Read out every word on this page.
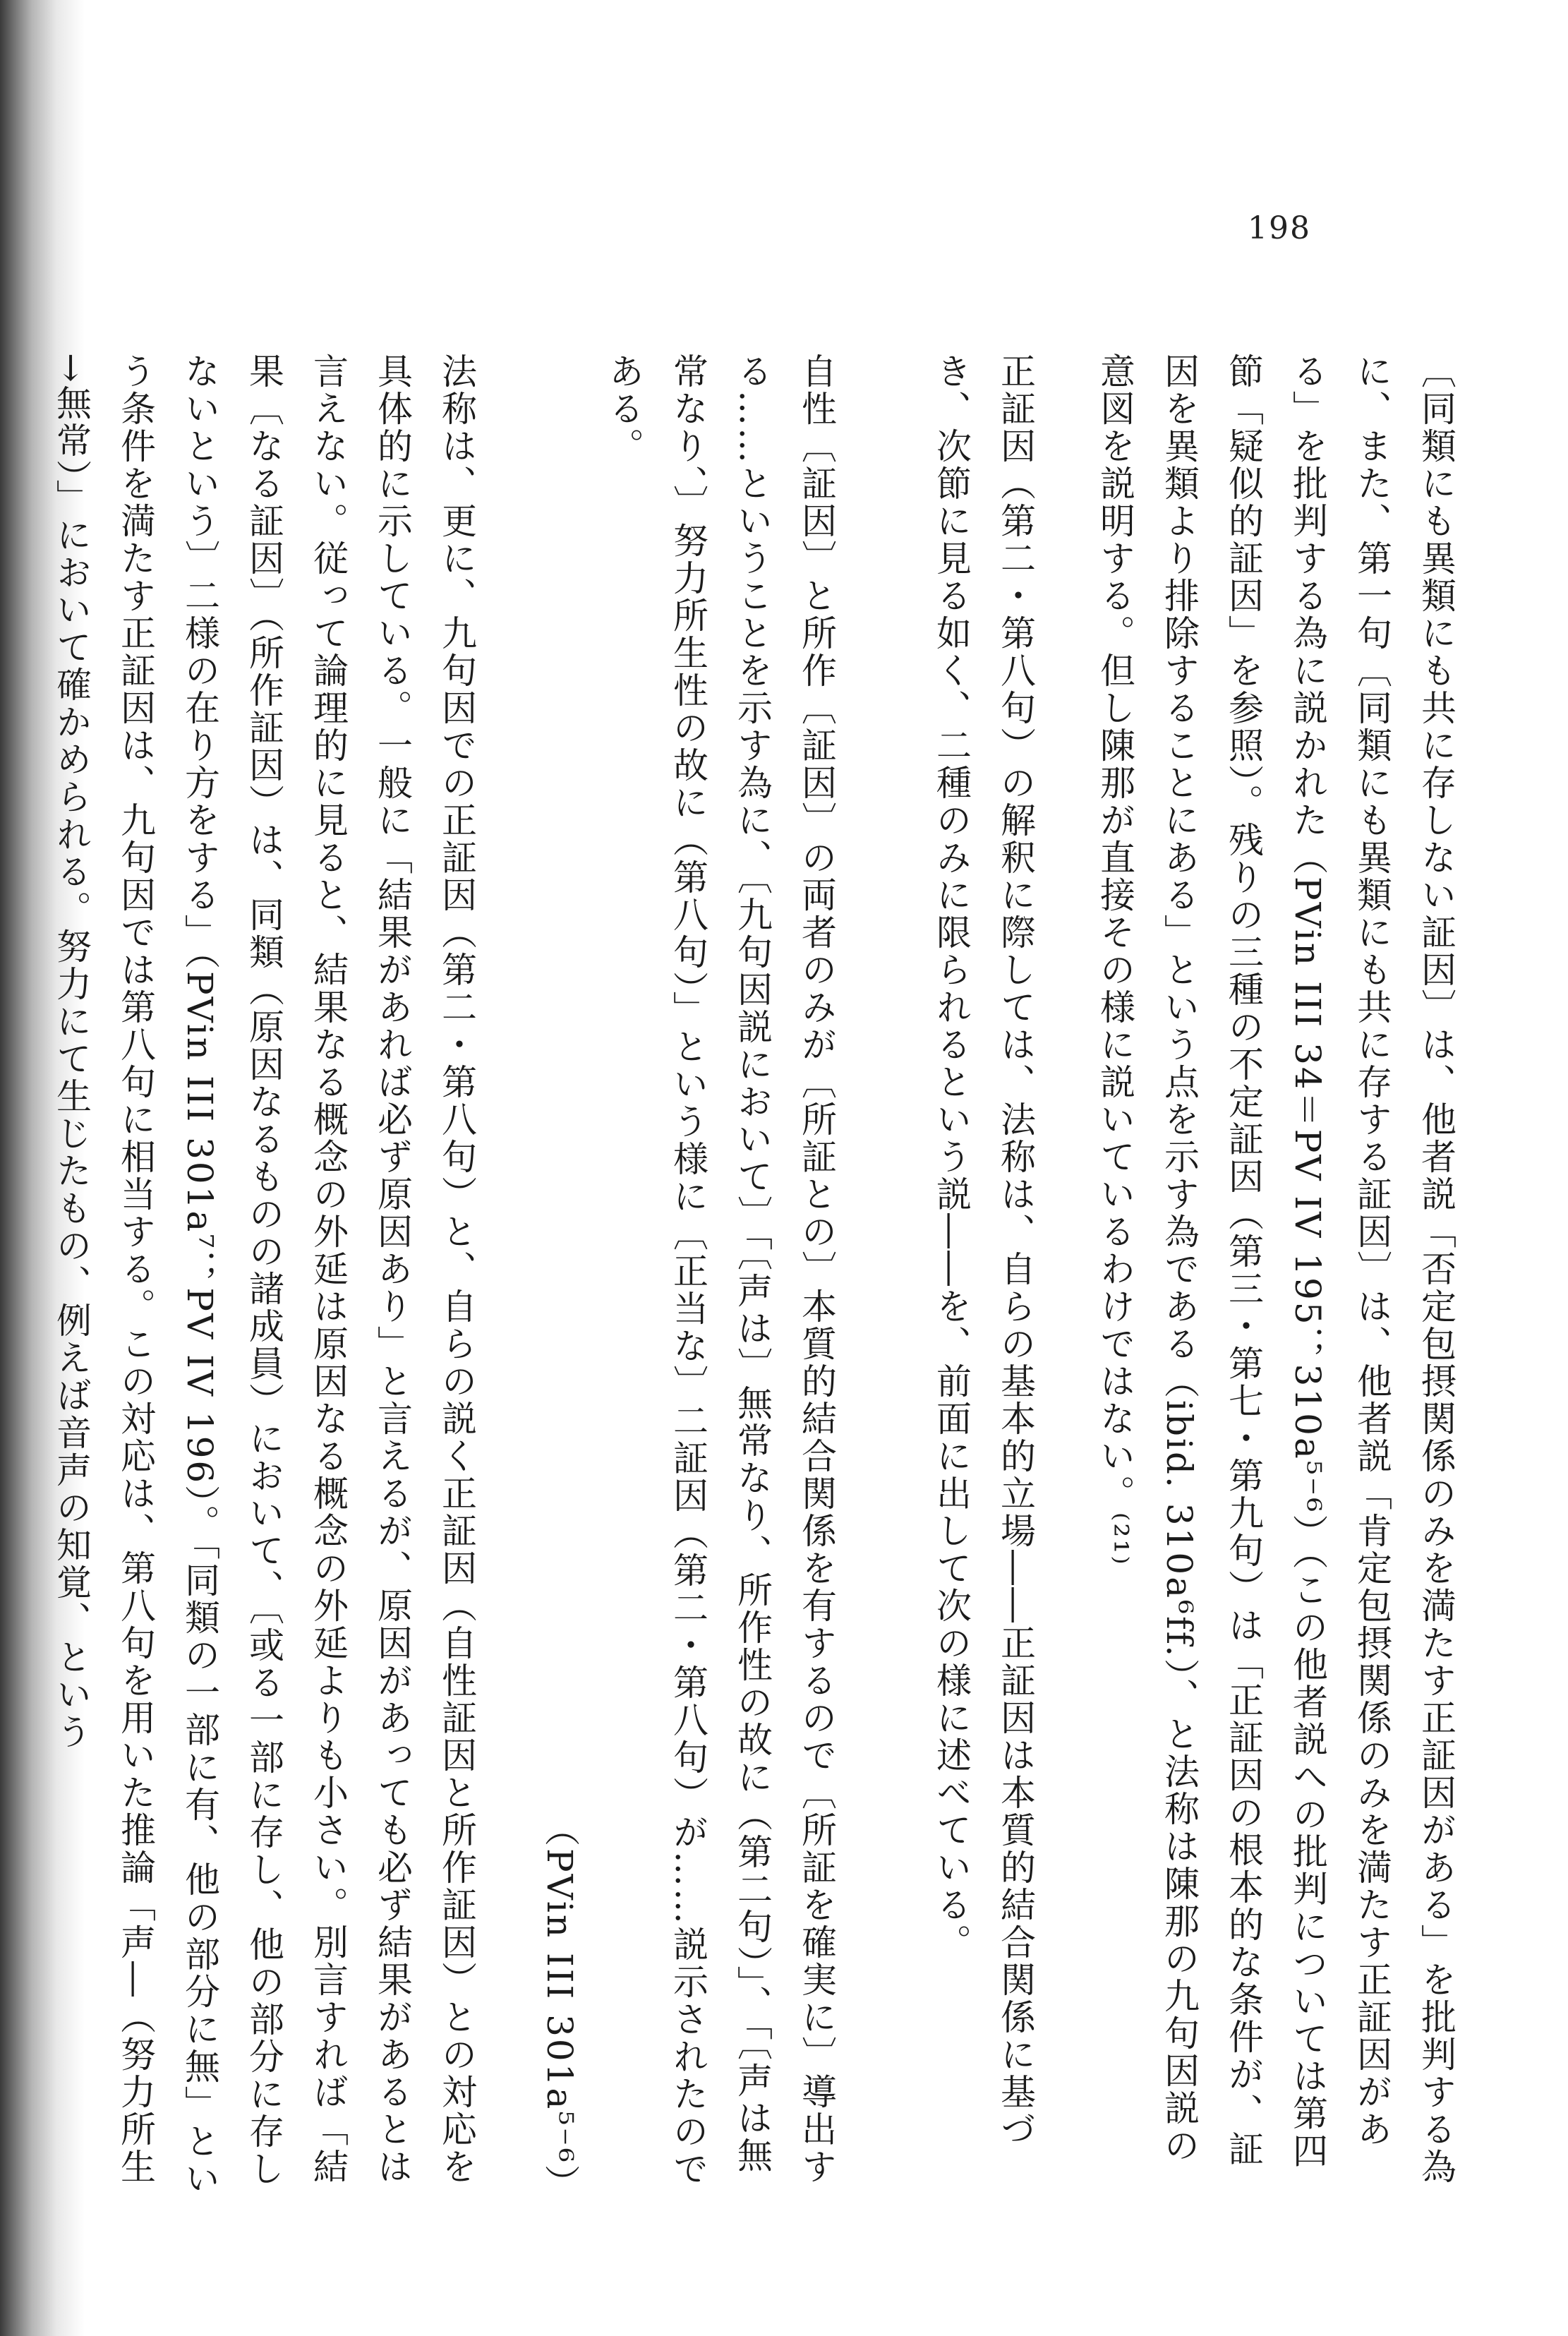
198

〔同類にも異類にも共に存しない証因〕は、他者説「否定包摂関係のみを満たす正証因がある」を批判する為に、また、第一句〔同類にも異類にも共に存する証因〕は、他者説「肯定包摂関係のみを満たす正証因がある」を批判する為に説かれた（PVin III 34＝PV IV 195；310a⁵⁻⁶）（この他者説への批判については第四節「疑似的証因」を参照）。残りの三種の不定証因（第三・第七・第九句）は「正証因の根本的な条件が、証因を異類より排除することにある」という点を示す為である（ibid. 310a⁶ff.）、と法称は陳那の九句因説の意図を説明する。但し陳那が直接その様に説いているわけではない。⁽²¹⁾

正証因（第二・第八句）の解釈に際しては、法称は、自らの基本的立場――正証因は本質的結合関係に基づき、次節に見る如く、二種のみに限られるという説――を、前面に出して次の様に述べている。

自性〔証因〕と所作〔証因〕の両者のみが〔所証との〕本質的結合関係を有するので〔所証を確実に〕導出する……ということを示す為に、〔九句因説において〕「〔声は〕無常なり、所作性の故に（第二句）」、「〔声は無常なり、〕努力所生性の故に（第八句）」という様に〔正当な〕二証因（第二・第八句）が……説示されたのである。

（PVin III 301a⁵⁻⁶）

法称は、更に、九句因での正証因（第二・第八句）と、自らの説く正証因（自性証因と所作証因）との対応を具体的に示している。一般に「結果があれば必ず原因あり」と言えるが、原因があっても必ず結果があるとは言えない。従って論理的に見ると、結果なる概念の外延は原因なる概念の外延よりも小さい。別言すれば「結果〔なる証因〕（所作証因）は、同類（原因なるものの諸成員）において、〔或る一部に存し、他の部分に存しないという〕二様の在り方をする」（PVin III 301a⁷；PV IV 196）。「同類の一部に有、他の部分に無」という条件を満たす正証因は、九句因では第八句に相当する。この対応は、第八句を用いた推論「声―（努力所生→無常）」において確かめられる。努力にて生じたもの、例えば音声の知覚、という
